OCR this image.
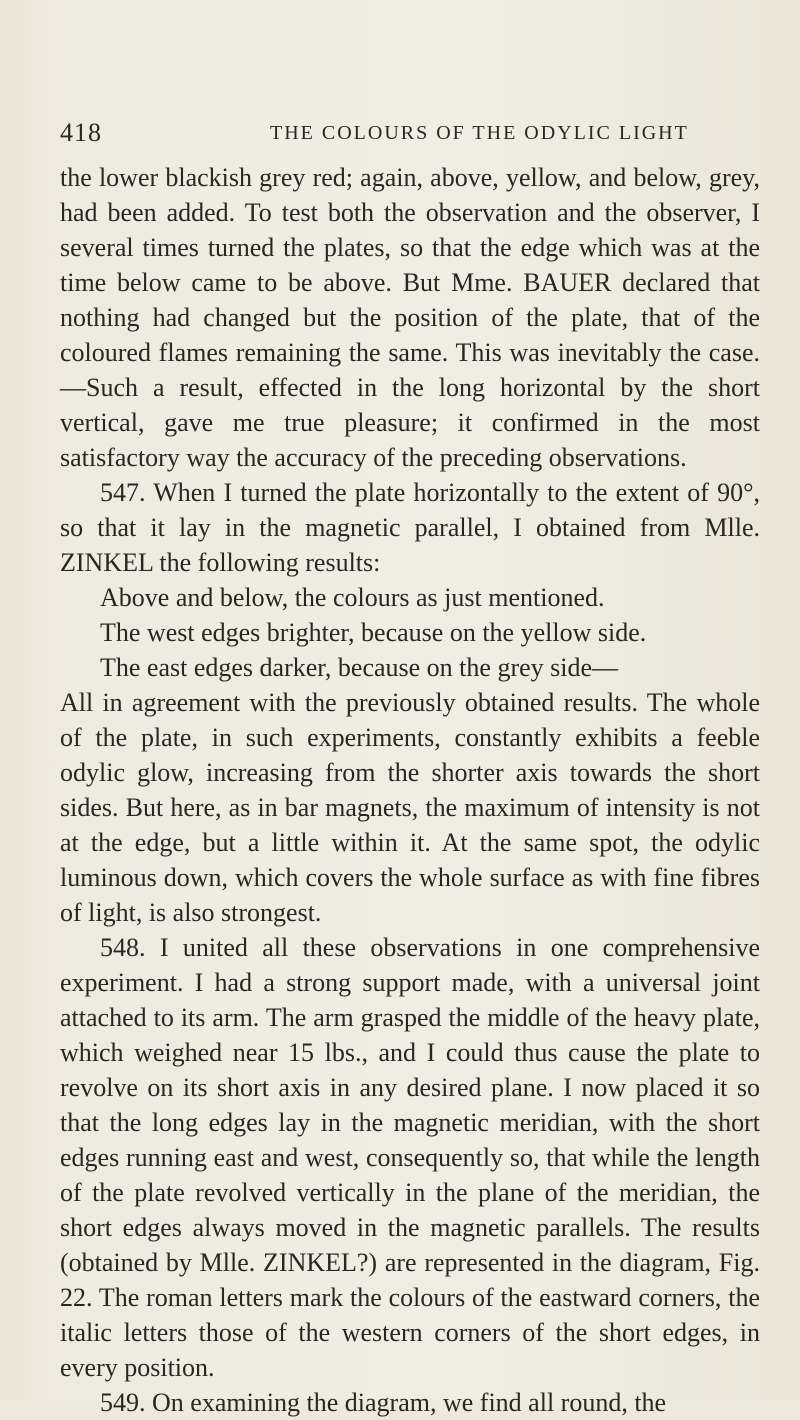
418	THE COLOURS OF THE ODYLIC LIGHT

the lower blackish grey red; again, above, yellow, and below, grey, had been added. To test both the observation and the observer, I several times turned the plates, so that the edge which was at the time below came to be above. But Mme. BAUER declared that nothing had changed but the position of the plate, that of the coloured flames remaining the same. This was inevitably the case.—Such a result, effected in the long horizontal by the short vertical, gave me true pleasure; it confirmed in the most satisfactory way the accuracy of the preceding observations.

547. When I turned the plate horizontally to the extent of 90°, so that it lay in the magnetic parallel, I obtained from Mlle. ZINKEL the following results:

Above and below, the colours as just mentioned.

The west edges brighter, because on the yellow side.

The east edges darker, because on the grey side—

All in agreement with the previously obtained results. The whole of the plate, in such experiments, constantly exhibits a feeble odylic glow, increasing from the shorter axis towards the short sides. But here, as in bar magnets, the maximum of intensity is not at the edge, but a little within it. At the same spot, the odylic luminous down, which covers the whole surface as with fine fibres of light, is also strongest.

548. I united all these observations in one comprehensive experiment. I had a strong support made, with a universal joint attached to its arm. The arm grasped the middle of the heavy plate, which weighed near 15 lbs., and I could thus cause the plate to revolve on its short axis in any desired plane. I now placed it so that the long edges lay in the magnetic meridian, with the short edges running east and west, consequently so, that while the length of the plate revolved vertically in the plane of the meridian, the short edges always moved in the magnetic parallels. The results (obtained by Mlle. ZINKEL?) are represented in the diagram, Fig. 22. The roman letters mark the colours of the eastward corners, the italic letters those of the western corners of the short edges, in every position.

549. On examining the diagram, we find all round, the
